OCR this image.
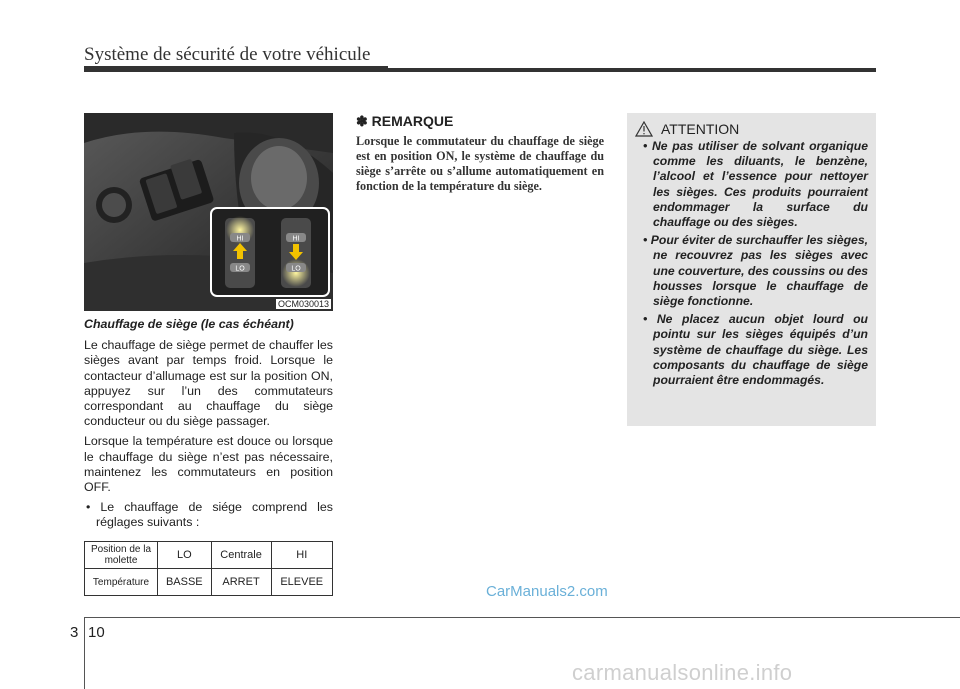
Système de sécurité de votre véhicule
HI
LO
HI
LO
OCM030013
Chauffage de siège (le cas échéant)

Le chauffage de siège permet de chauffer les sièges avant par temps froid. Lorsque le contacteur d’allumage est sur la position ON, appuyez sur l’un des commutateurs correspondant au chauffage du siège conducteur ou du siège passager.

Lorsque la température est douce ou lorsque le chauffage du siège n’est pas nécessaire, maintenez les commutateurs en position OFF.

• Le chauffage de siége comprend les réglages suivants :

Position de la molette	LO	Centrale	HI
Température	BASSE	ARRET	ELEVEE
✽ REMARQUE
Lorsque le commutateur du chauffage de siège est en position ON, le système de chauffage du siège s’arrête ou s’allume automatiquement en fonction de la température du siège.
ATTENTION
• Ne pas utiliser de solvant organique comme les diluants, le benzène, l’alcool et l’essence pour nettoyer les sièges. Ces produits pourraient endommager la surface du chauffage ou des sièges.
• Pour éviter de surchauffer les sièges, ne recouvrez pas les sièges avec une couverture, des coussins ou des housses lorsque le chauffage de siège fonctionne.
• Ne placez aucun objet lourd ou pointu sur les sièges équipés d’un système de chauffage du siège. Les composants du chauffage de siège pourraient être endommagés.
CarManuals2.com
3 10
carmanualsonline.info
